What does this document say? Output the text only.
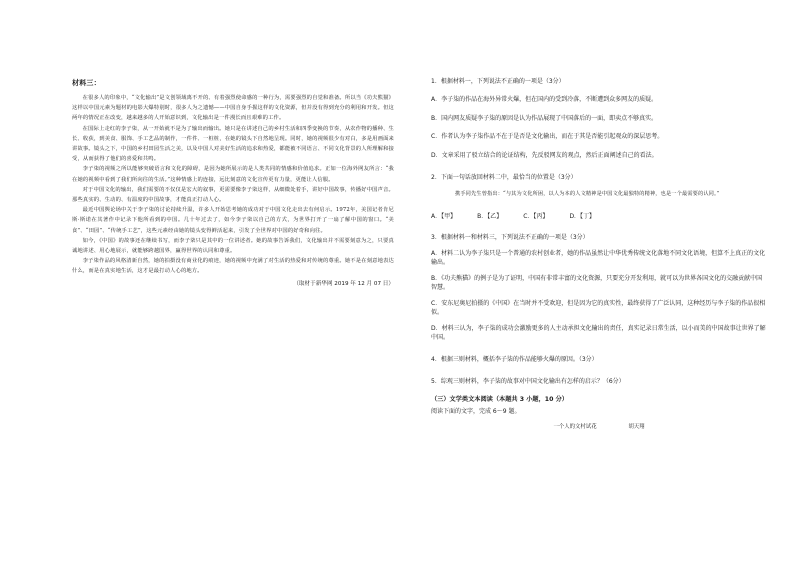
材料三：

在很多人的印象中，“文化输出”是文创领域离不开的、有着强烈使命感的一种行为，需要强烈的自觉和准备。所以当《功夫熊猫》这样以中国元素为题材的电影大爆特别时，很多人为之遗憾——中国自身手握这样的文化资源，但并没有得到充分的利用和开发。但这两年的情况正在改变，越来越多的人开始意识到，文化输出是一件漫长而且艰难的工作。

在国际上走红的李子柒，从一开始就不是为了输出而输出。她只是在讲述自己的乡村生活和四季变换的节奏，从农作物的播种、生长、收获，到美食、服饰、手工艺品的制作，一件件、一桩桩，在她的镜头下自然地呈现。同时，她的视频很少有对白，多是用画面来讲故事。镜头之下，中国的乡村田园生活之美，以及中国人对美好生活的追求和热爱，都能被不同语言、不同文化背景的人所理解和接受，从而获得了他们的喜爱和共鸣。

李子柒的视频之所以能够突破语言和文化的障碍，是因为她所展示的是人类共同的情感和价值追求。正如一位海外网友所言：“我在她的视频中看到了我们所向往的生活。”这种情感上的连接，远比刻意的文化宣传更有力量，更能让人信服。

对于中国文化的输出，我们需要的不仅仅是宏大的叙事，更需要像李子柒这样，从细微处着手，讲好中国故事，传播好中国声音。那些真实的、生动的、有温度的中国故事，才能真正打动人心。

最近中国舆论场中关于李子柒的讨论持续升温，许多人开始思考她的成功对于中国文化走出去有何启示。1972年，美国记者肯尼斯·斯诺在其著作中记录下他所看到的中国。几十年过去了，如今李子柒以自己的方式，为世界打开了一扇了解中国的窗口。“美食”、“田园”、“传统手工艺”，这些元素经由她的镜头变得鲜活起来，引发了全世界对中国的好奇和向往。

如今，《中国》的故事还在继续书写，而李子柒只是其中的一位讲述者。她的故事告诉我们，文化输出并不需要刻意为之，只要真诚地讲述、用心地展示，就能够跨越国界，赢得世界的认同和尊重。

李子柒作品的风格清新自然，她的拍摄没有商业化的痕迹，她的视频中充满了对生活的热爱和对传统的尊重。她不是在刻意地表达什么，而是在真实地生活，这才是最打动人心的地方。

（取材于新华网 2019 年 12 月 07 日）

1．根据材料一，下列说法不正确的一项是（3分）

A．李子柒的作品在海外异常火爆，但在国内的受到冷落，不断遭到众多网友的质疑。

B．国内网友质疑李子柒的原因是认为作品展现了中国落后的一面，即卖点不够真实。

C．作者认为李子柒作品不在于是否是文化输出，而在于其是否能引起观众的深层思考。

D．文章采用了驳立结合的论证结构，先反驳网友的观点，然后正面阐述自己的看法。

2．下面一句话放回材料二中，最恰当的位置是（3分）

携手同先生曾指出：“与其为文化所困，以人为本的人文精神是中国文化最独特的精神，也是一个最需要的认同。”

A．【甲】	B．【乙】	C．【丙】	D．【丁】

3．根据材料一和材料三，下列说法不正确的一项是（3分）

A．材料二认为李子柒只是一个普通的农村创业者，她的作品虽然让中华优秀传统文化落地不同文化语境，但算不上真正的文化输出。

B．《功夫熊猫》的例子是为了证明，中国有非常丰富的文化资源，只要充分开发利用，就可以为世界各国文化的交融贡献中国智慧。

C．安东尼奥尼拍摄的《中国》在当时并不受欢迎，但是因为它的真实性，最终获得了广泛认同，这种经历与李子柒的作品很相似。

D．材料三认为，李子柒的成功会激励更多的人主动承担文化输出的责任，真实记录日常生活，以小而美的中国故事让世界了解中国。

4．根据三则材料，概括李子柒的作品能够火爆的原因。（3分）

5．综观三则材料，李子柒的故事对中国文化输出有怎样的启示？（6分）

（三）文学类文本阅读（本题共 3 小题，10 分）

阅读下面的文字，完成 6～9 题。

一个人的文村试花	胡天翔
